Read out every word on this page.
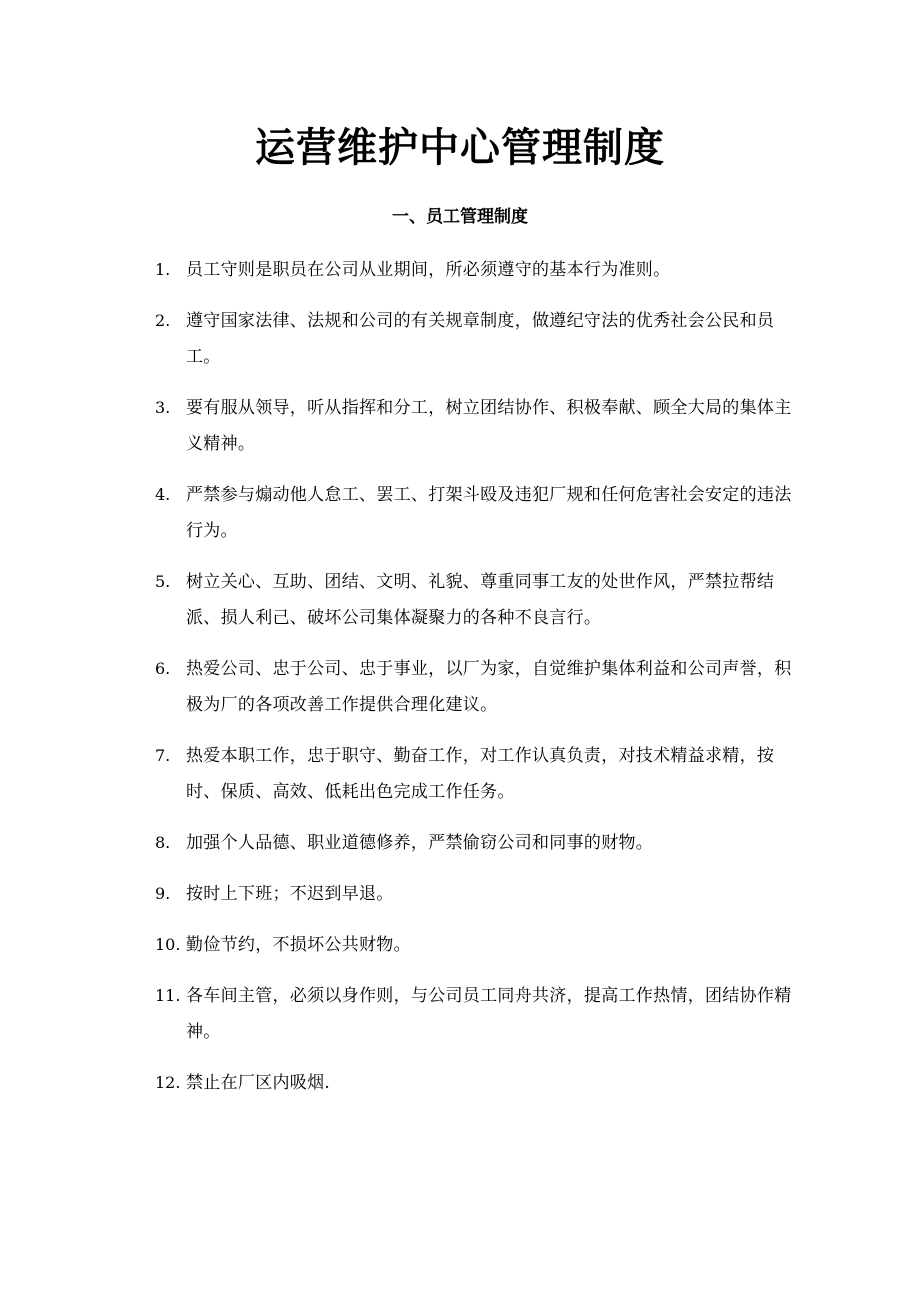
运营维护中心管理制度
一、员工管理制度
1. 员工守则是职员在公司从业期间，所必须遵守的基本行为准则。
2. 遵守国家法律、法规和公司的有关规章制度，做遵纪守法的优秀社会公民和员工。
3. 要有服从领导，听从指挥和分工，树立团结协作、积极奉献、顾全大局的集体主义精神。
4. 严禁参与煽动他人怠工、罢工、打架斗殴及违犯厂规和任何危害社会安定的违法行为。
5. 树立关心、互助、团结、文明、礼貌、尊重同事工友的处世作风，严禁拉帮结派、损人利己、破坏公司集体凝聚力的各种不良言行。
6. 热爱公司、忠于公司、忠于事业，以厂为家，自觉维护集体利益和公司声誉，积极为厂的各项改善工作提供合理化建议。
7. 热爱本职工作，忠于职守、勤奋工作，对工作认真负责，对技术精益求精，按时、保质、高效、低耗出色完成工作任务。
8. 加强个人品德、职业道德修养，严禁偷窃公司和同事的财物。
9. 按时上下班；不迟到早退。
10. 勤俭节约，不损坏公共财物。
11. 各车间主管，必须以身作则，与公司员工同舟共济，提高工作热情，团结协作精神。
12. 禁止在厂区内吸烟.
